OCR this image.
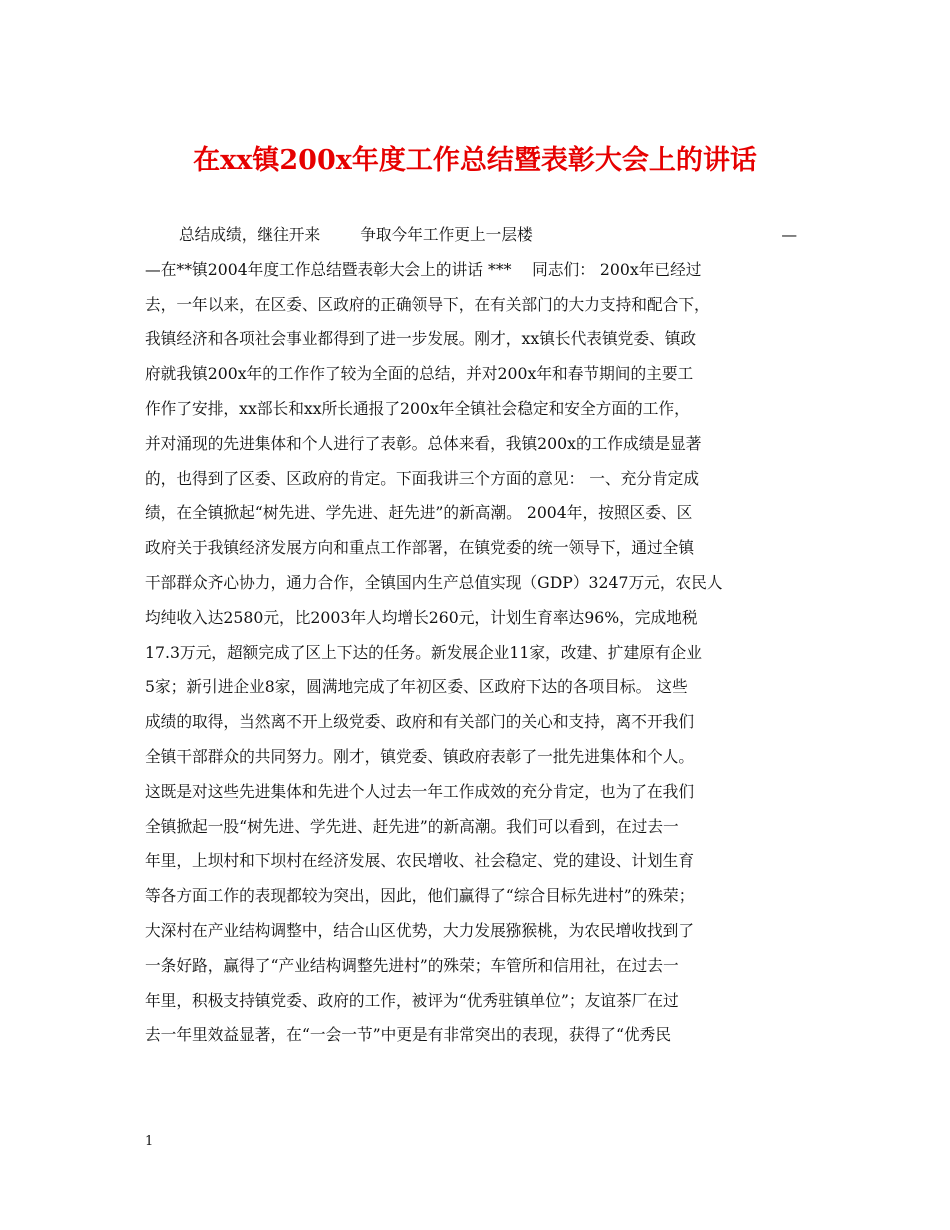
在xx镇200x年度工作总结暨表彰大会上的讲话
总结成绩，继往开来	争取今年工作更上一层楼	—
—在**镇2004年度工作总结暨表彰大会上的讲话 ***　 同志们： 200x年已经过
去，一年以来，在区委、区政府的正确领导下，在有关部门的大力支持和配合下，
我镇经济和各项社会事业都得到了进一步发展。刚才，xx镇长代表镇党委、镇政
府就我镇200x年的工作作了较为全面的总结，并对200x年和春节期间的主要工
作作了安排，xx部长和xx所长通报了200x年全镇社会稳定和安全方面的工作，
并对涌现的先进集体和个人进行了表彰。总体来看，我镇200x的工作成绩是显著
的，也得到了区委、区政府的肯定。下面我讲三个方面的意见： 一、充分肯定成
绩，在全镇掀起“树先进、学先进、赶先进”的新高潮。 2004年，按照区委、区
政府关于我镇经济发展方向和重点工作部署，在镇党委的统一领导下，通过全镇
干部群众齐心协力，通力合作，全镇国内生产总值实现（GDP）3247万元，农民人
均纯收入达2580元，比2003年人均增长260元，计划生育率达96%，完成地税
17.3万元，超额完成了区上下达的任务。新发展企业11家，改建、扩建原有企业
5家；新引进企业8家，圆满地完成了年初区委、区政府下达的各项目标。 这些
成绩的取得，当然离不开上级党委、政府和有关部门的关心和支持，离不开我们
全镇干部群众的共同努力。刚才，镇党委、镇政府表彰了一批先进集体和个人。
这既是对这些先进集体和先进个人过去一年工作成效的充分肯定，也为了在我们
全镇掀起一股“树先进、学先进、赶先进”的新高潮。我们可以看到，在过去一
年里，上坝村和下坝村在经济发展、农民增收、社会稳定、党的建设、计划生育
等各方面工作的表现都较为突出，因此，他们赢得了“综合目标先进村”的殊荣；
大深村在产业结构调整中，结合山区优势，大力发展猕猴桃，为农民增收找到了
一条好路，赢得了“产业结构调整先进村”的殊荣；车管所和信用社，在过去一
年里，积极支持镇党委、政府的工作，被评为“优秀驻镇单位”；友谊茶厂在过
去一年里效益显著，在“一会一节”中更是有非常突出的表现，获得了“优秀民
1
